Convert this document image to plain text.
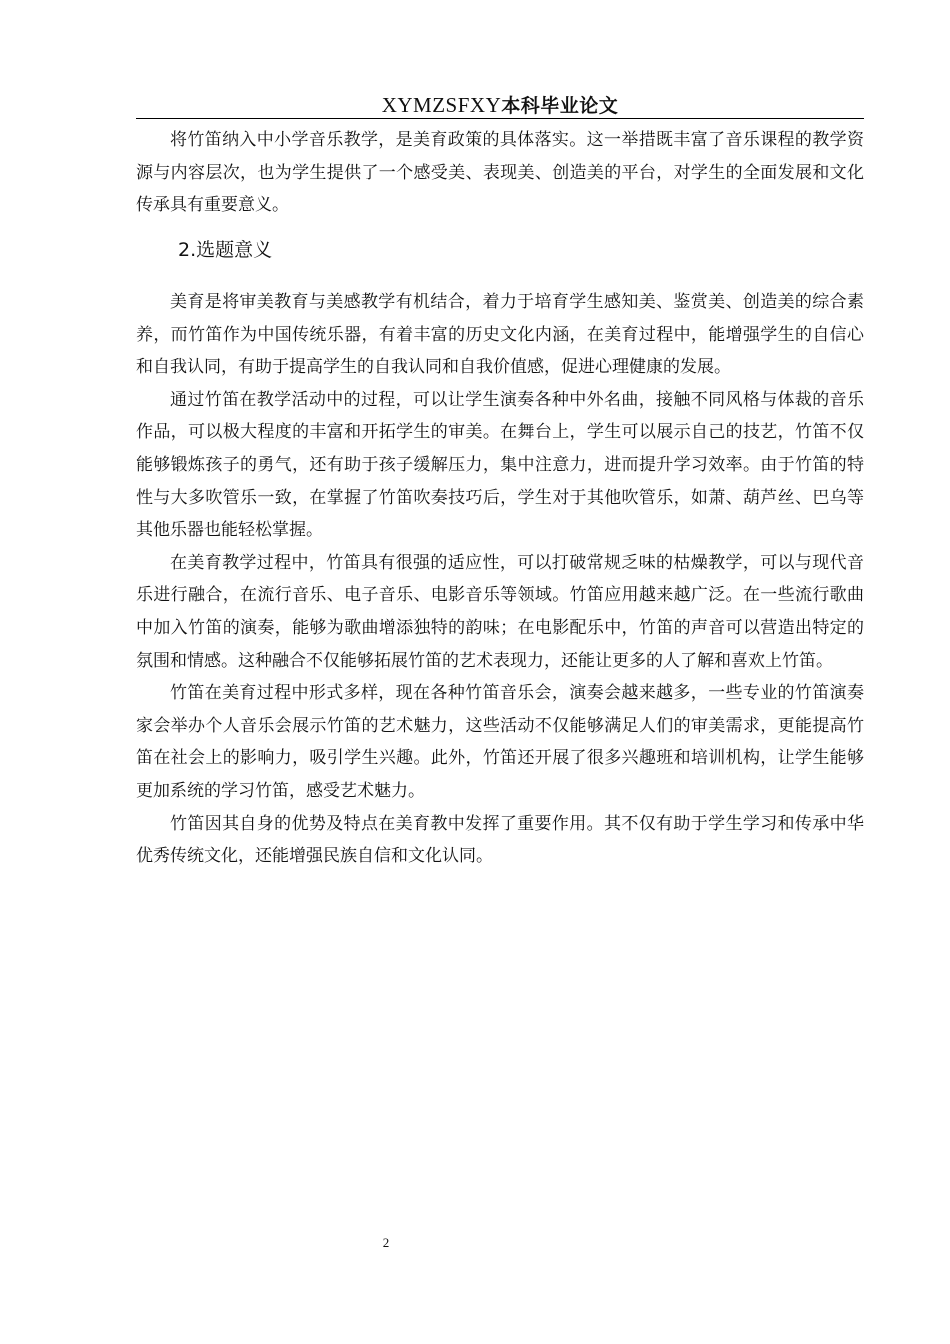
XYMZSFXY本科毕业论文

将竹笛纳入中小学音乐教学，是美育政策的具体落实。这一举措既丰富了音乐课程的教学资源与内容层次，也为学生提供了一个感受美、表现美、创造美的平台，对学生的全面发展和文化传承具有重要意义。

2.选题意义

美育是将审美教育与美感教学有机结合，着力于培育学生感知美、鉴赏美、创造美的综合素养，而竹笛作为中国传统乐器，有着丰富的历史文化内涵，在美育过程中，能增强学生的自信心和自我认同，有助于提高学生的自我认同和自我价值感，促进心理健康的发展。

通过竹笛在教学活动中的过程，可以让学生演奏各种中外名曲，接触不同风格与体裁的音乐作品，可以极大程度的丰富和开拓学生的审美。在舞台上，学生可以展示自己的技艺，竹笛不仅能够锻炼孩子的勇气，还有助于孩子缓解压力，集中注意力，进而提升学习效率。由于竹笛的特性与大多吹管乐一致，在掌握了竹笛吹奏技巧后，学生对于其他吹管乐，如萧、葫芦丝、巴乌等其他乐器也能轻松掌握。

在美育教学过程中，竹笛具有很强的适应性，可以打破常规乏味的枯燥教学，可以与现代音乐进行融合，在流行音乐、电子音乐、电影音乐等领域。竹笛应用越来越广泛。在一些流行歌曲中加入竹笛的演奏，能够为歌曲增添独特的韵味；在电影配乐中，竹笛的声音可以营造出特定的氛围和情感。这种融合不仅能够拓展竹笛的艺术表现力，还能让更多的人了解和喜欢上竹笛。

竹笛在美育过程中形式多样，现在各种竹笛音乐会，演奏会越来越多，一些专业的竹笛演奏家会举办个人音乐会展示竹笛的艺术魅力，这些活动不仅能够满足人们的审美需求，更能提高竹笛在社会上的影响力，吸引学生兴趣。此外，竹笛还开展了很多兴趣班和培训机构，让学生能够更加系统的学习竹笛，感受艺术魅力。

竹笛因其自身的优势及特点在美育教中发挥了重要作用。其不仅有助于学生学习和传承中华优秀传统文化，还能增强民族自信和文化认同。

2
